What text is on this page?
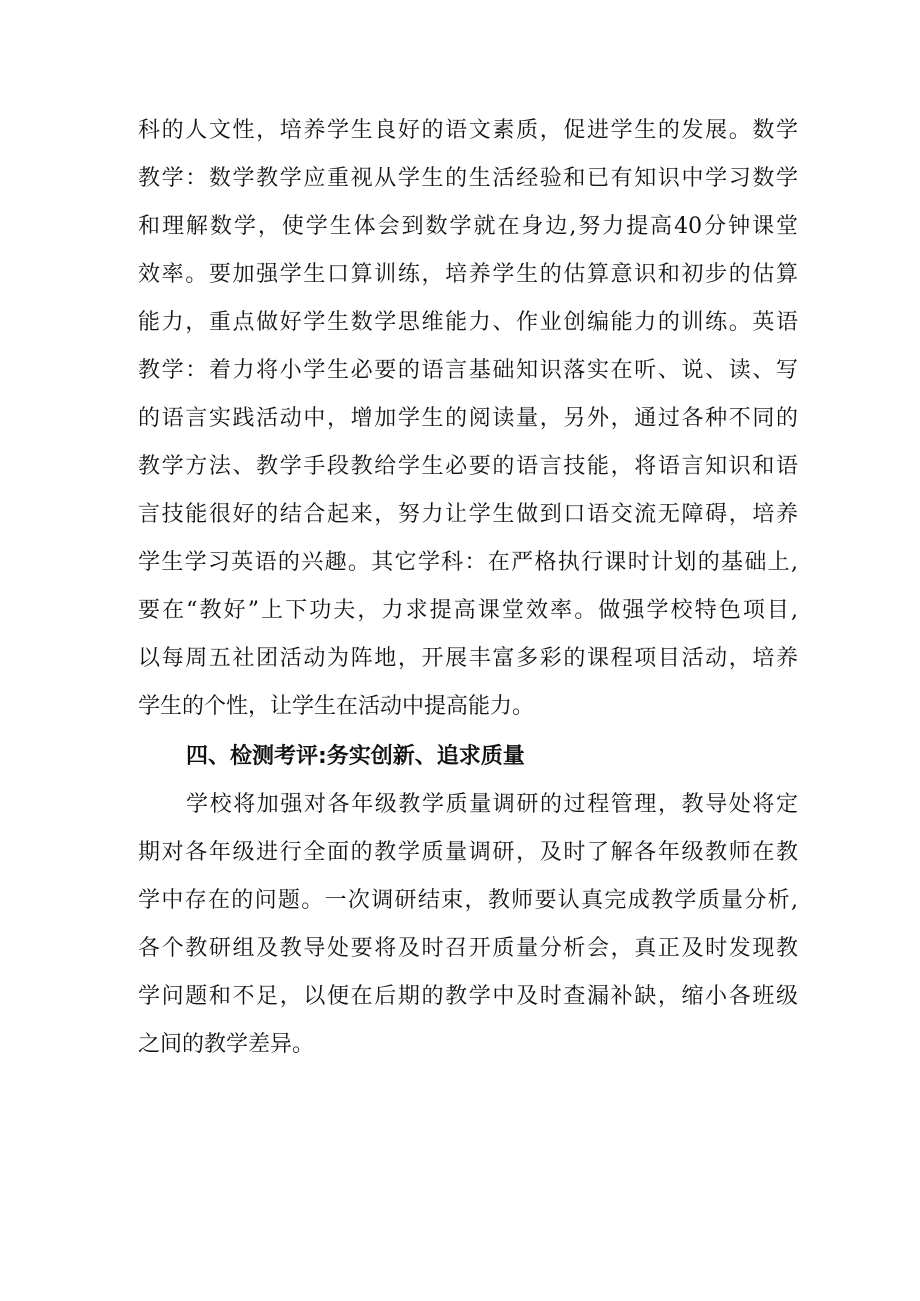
科的人文性，培养学生良好的语文素质，促进学生的发展。数学
教学：数学教学应重视从学生的生活经验和已有知识中学习数学
和理解数学，使学生体会到数学就在身边,努力提高40分钟课堂
效率。要加强学生口算训练，培养学生的估算意识和初步的估算
能力，重点做好学生数学思维能力、作业创编能力的训练。英语
教学：着力将小学生必要的语言基础知识落实在听、说、读、写
的语言实践活动中，增加学生的阅读量，另外，通过各种不同的
教学方法、教学手段教给学生必要的语言技能，将语言知识和语
言技能很好的结合起来，努力让学生做到口语交流无障碍，培养
学生学习英语的兴趣。其它学科：在严格执行课时计划的基础上,
要在“教好”上下功夫，力求提高课堂效率。做强学校特色项目,
以每周五社团活动为阵地，开展丰富多彩的课程项目活动，培养
学生的个性，让学生在活动中提高能力。
四、检测考评:务实创新、追求质量
学校将加强对各年级教学质量调研的过程管理，教导处将定
期对各年级进行全面的教学质量调研，及时了解各年级教师在教
学中存在的问题。一次调研结束，教师要认真完成教学质量分析,
各个教研组及教导处要将及时召开质量分析会，真正及时发现教
学问题和不足，以便在后期的教学中及时查漏补缺，缩小各班级
之间的教学差异。
